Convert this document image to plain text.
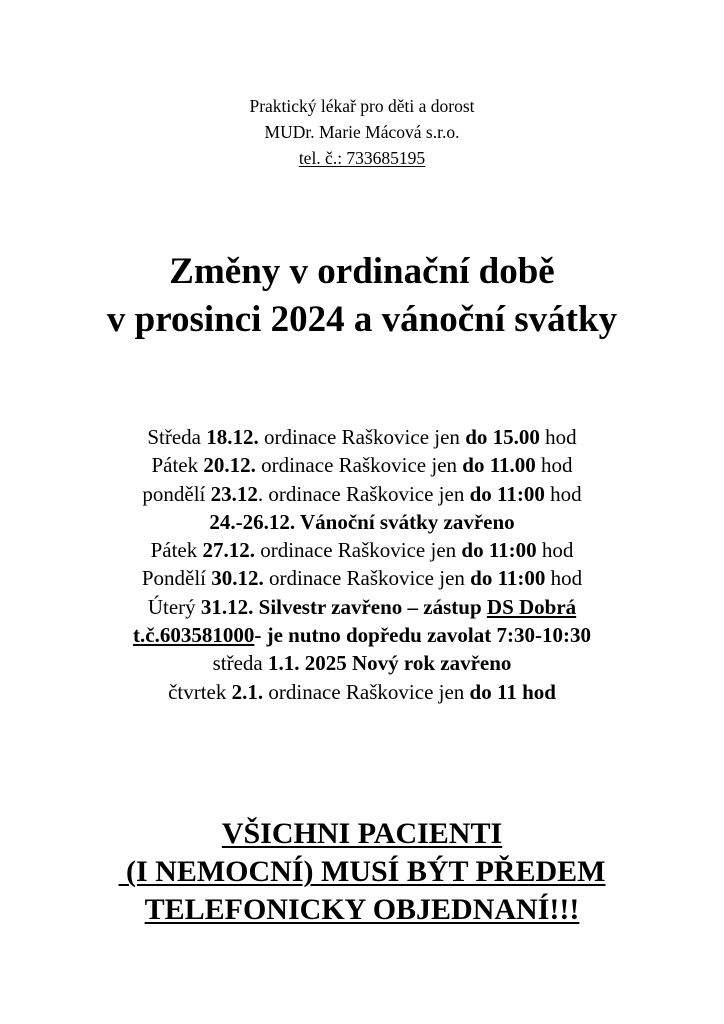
Praktický lékař pro děti a dorost
MUDr. Marie Mácová s.r.o.
tel. č.: 733685195
Změny v ordinační době
v prosinci 2024 a vánoční svátky
Středa 18.12. ordinace Raškovice jen do 15.00 hod
Pátek 20.12. ordinace Raškovice jen do 11.00 hod
pondělí 23.12. ordinace Raškovice jen do 11:00 hod
24.-26.12. Vánoční svátky zavřeno
Pátek 27.12. ordinace Raškovice jen do 11:00 hod
Pondělí 30.12. ordinace Raškovice jen do 11:00 hod
Úterý 31.12. Silvestr zavřeno – zástup DS Dobrá
t.č.603581000- je nutno dopředu zavolat 7:30-10:30
středa 1.1. 2025 Nový rok zavřeno
čtvrtek 2.1. ordinace Raškovice jen do 11 hod
VŠICHNI PACIENTI
(I NEMOCNÍ) MUSÍ BÝT PŘEDEM
TELEFONICKY OBJEDNANÍ!!!
